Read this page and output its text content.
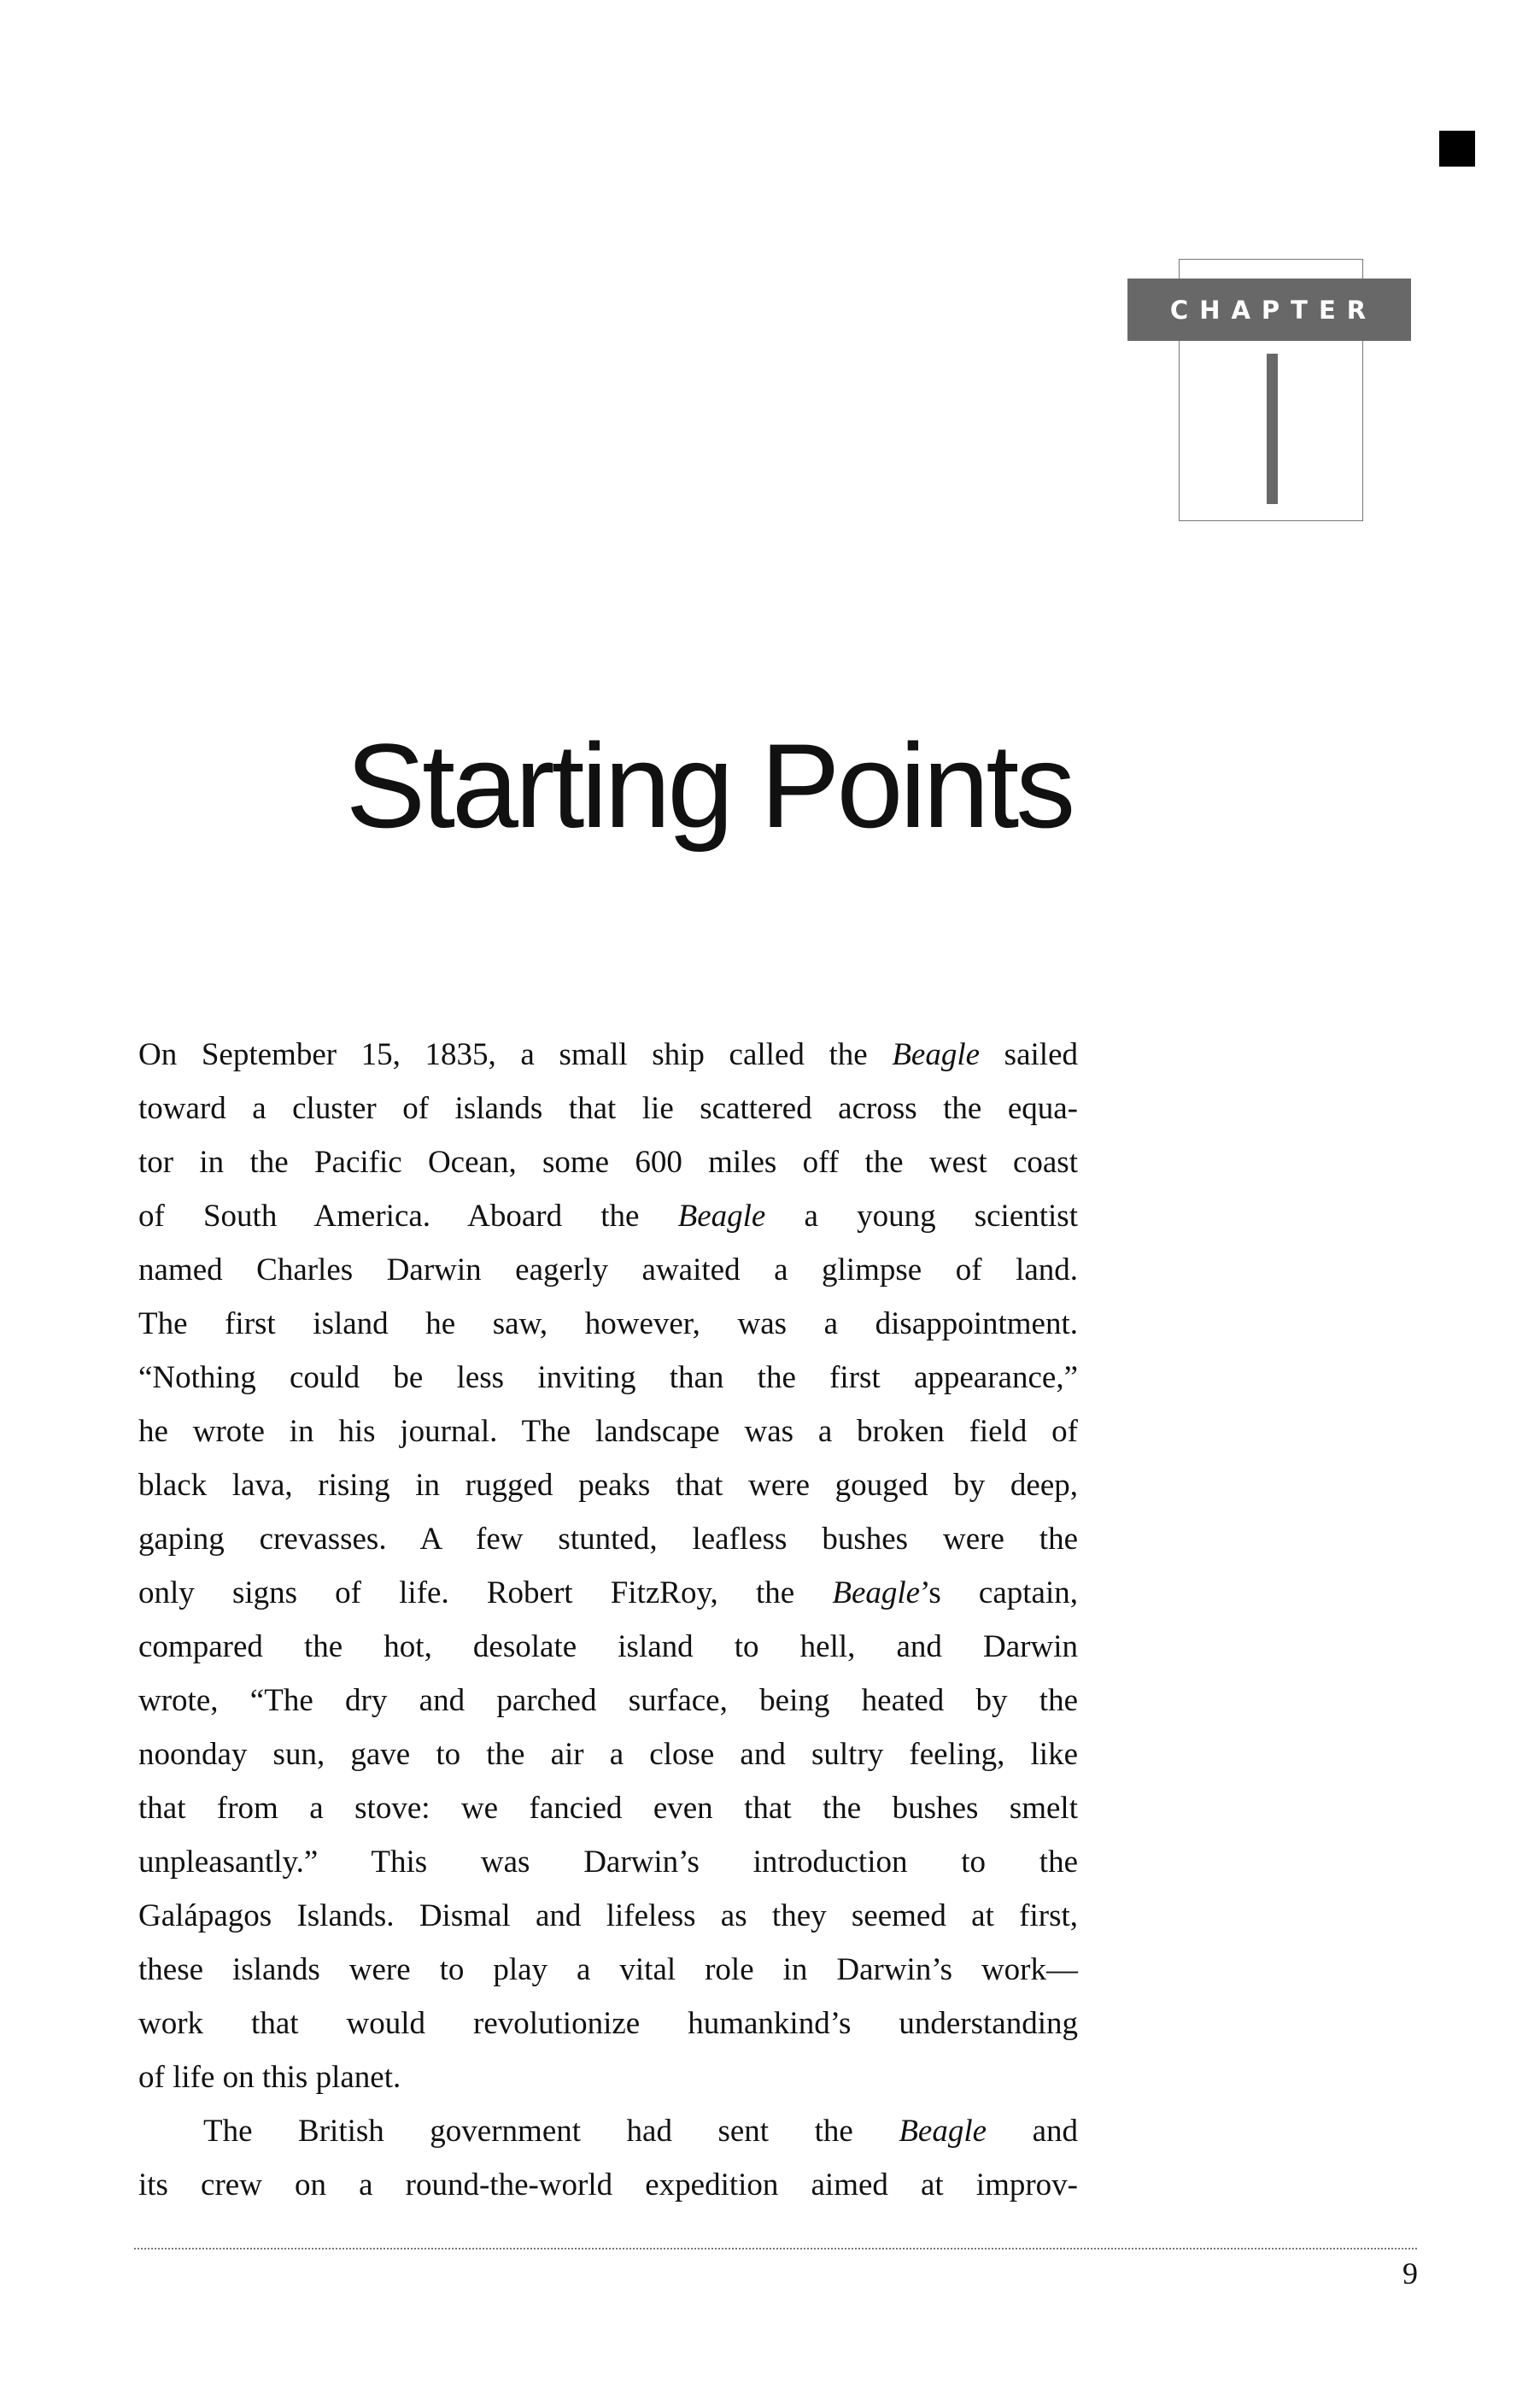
CHAPTER
Starting Points
On September 15, 1835, a small ship called the Beagle sailed
toward a cluster of islands that lie scattered across the equa-
tor in the Pacific Ocean, some 600 miles off the west coast
of South America. Aboard the Beagle a young scientist
named Charles Darwin eagerly awaited a glimpse of land.
The first island he saw, however, was a disappointment.
“Nothing could be less inviting than the first appearance,”
he wrote in his journal. The landscape was a broken field of
black lava, rising in rugged peaks that were gouged by deep,
gaping crevasses. A few stunted, leafless bushes were the
only signs of life. Robert FitzRoy, the Beagle’s captain,
compared the hot, desolate island to hell, and Darwin
wrote, “The dry and parched surface, being heated by the
noonday sun, gave to the air a close and sultry feeling, like
that from a stove: we fancied even that the bushes smelt
unpleasantly.” This was Darwin’s introduction to the
Galápagos Islands. Dismal and lifeless as they seemed at first,
these islands were to play a vital role in Darwin’s work—
work that would revolutionize humankind’s understanding
of life on this planet.
The British government had sent the Beagle and
its crew on a round-the-world expedition aimed at improv-
9
